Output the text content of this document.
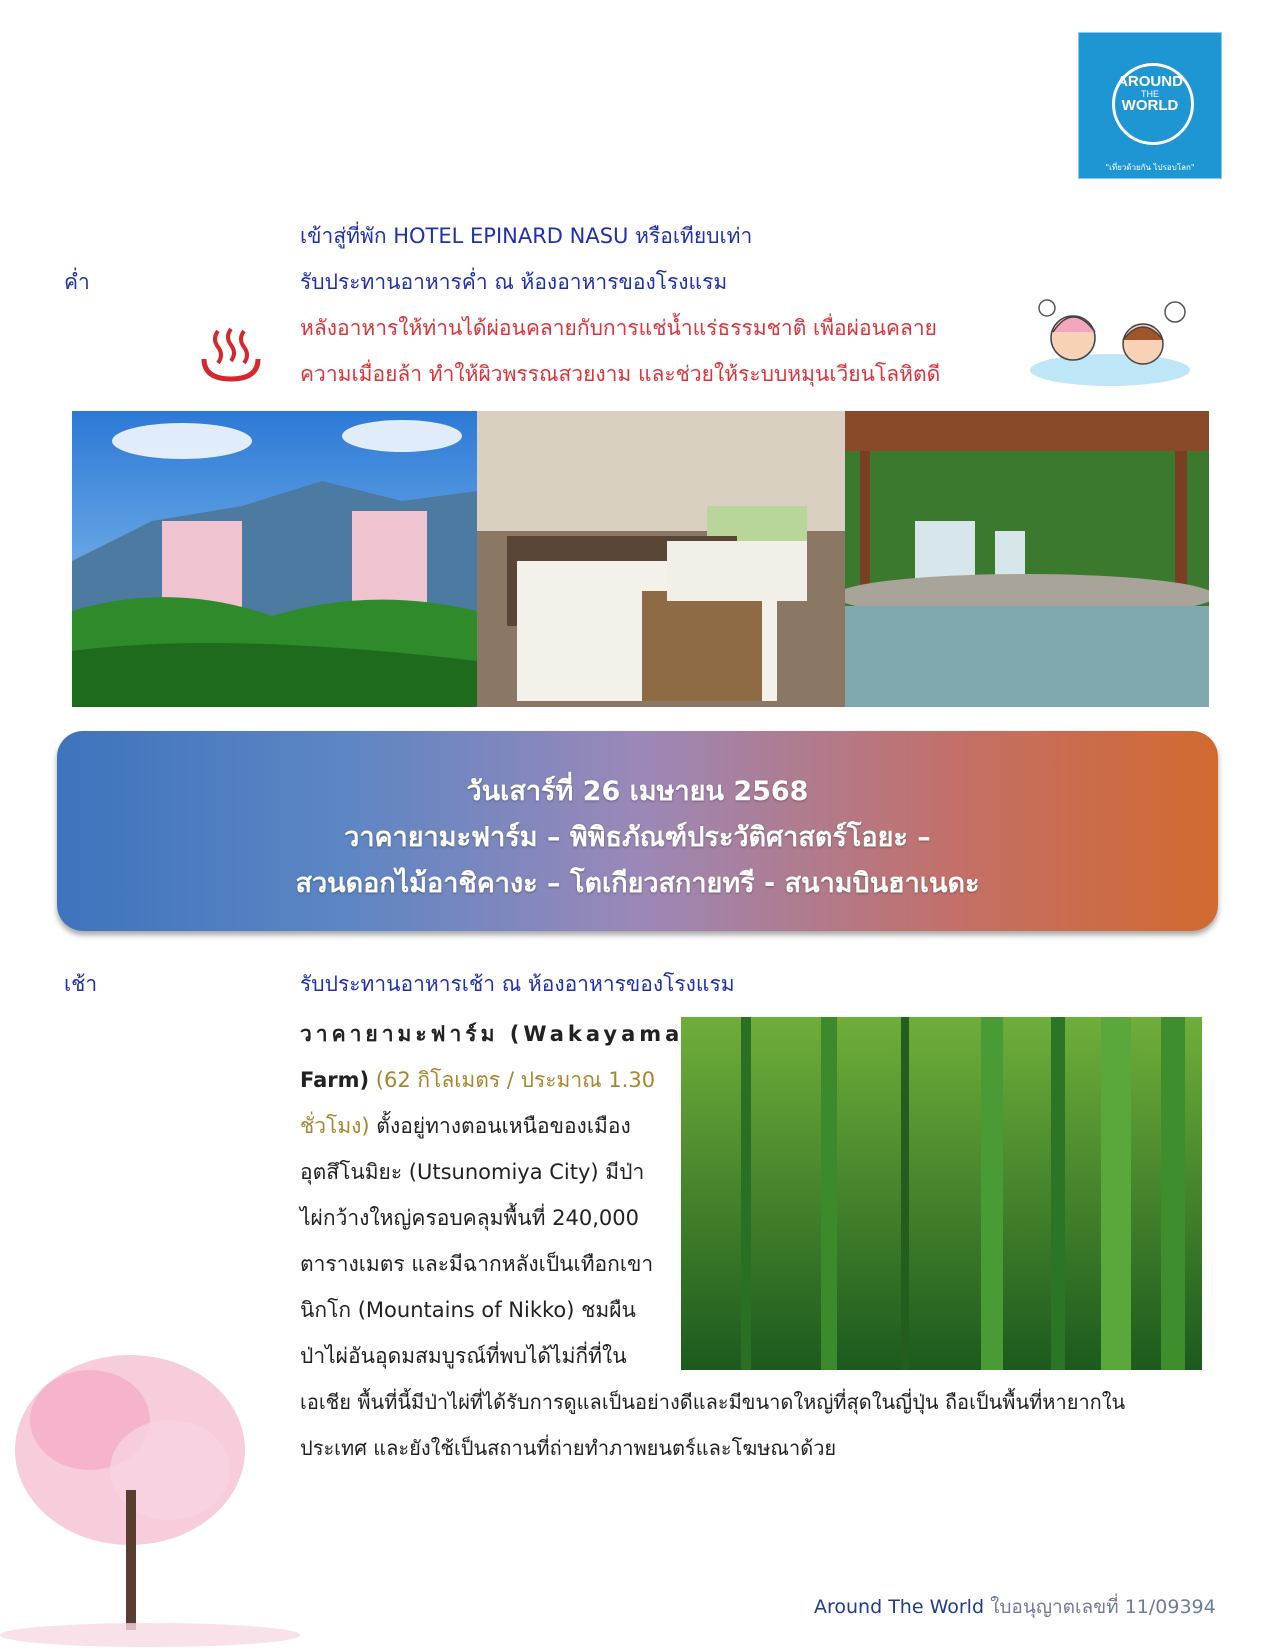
AROUND
THE
WORLD
"เที่ยวด้วยกัน ไปรอบโลก"
เข้าสู่ที่พัก HOTEL EPINARD NASU หรือเทียบเท่า
ค่ำ	รับประทานอาหารค่ำ ณ ห้องอาหารของโรงแรม
หลังอาหารให้ท่านได้ผ่อนคลายกับการแช่น้ำแร่ธรรมชาติ เพื่อผ่อนคลาย
ความเมื่อยล้า ทำให้ผิวพรรณสวยงาม และช่วยให้ระบบหมุนเวียนโลหิตดี
วันเสาร์ที่ 26 เมษายน 2568
วาคายามะฟาร์ม – พิพิธภัณฑ์ประวัติศาสตร์โอยะ –
สวนดอกไม้อาชิคางะ – โตเกียวสกายทรี - สนามบินฮาเนดะ
เช้า	รับประทานอาหารเช้า ณ ห้องอาหารของโรงแรม
วาคายามะฟาร์ม (Wakayama
Farm) (62 กิโลเมตร / ประมาณ 1.30
ชั่วโมง) ตั้งอยู่ทางตอนเหนือของเมือง
อุตสึโนมิยะ (Utsunomiya City) มีป่า
ไผ่กว้างใหญ่ครอบคลุมพื้นที่ 240,000
ตารางเมตร และมีฉากหลังเป็นเทือกเขา
นิกโก (Mountains of Nikko) ชมผืน
ป่าไผ่อันอุดมสมบูรณ์ที่พบได้ไม่กี่ที่ใน
เอเชีย พื้นที่นี้มีป่าไผ่ที่ได้รับการดูแลเป็นอย่างดีและมีขนาดใหญ่ที่สุดในญี่ปุ่น ถือเป็นพื้นที่หายากใน
ประเทศ และยังใช้เป็นสถานที่ถ่ายทำภาพยนตร์และโฆษณาด้วย
Around The World ใบอนุญาตเลขที่ 11/09394
